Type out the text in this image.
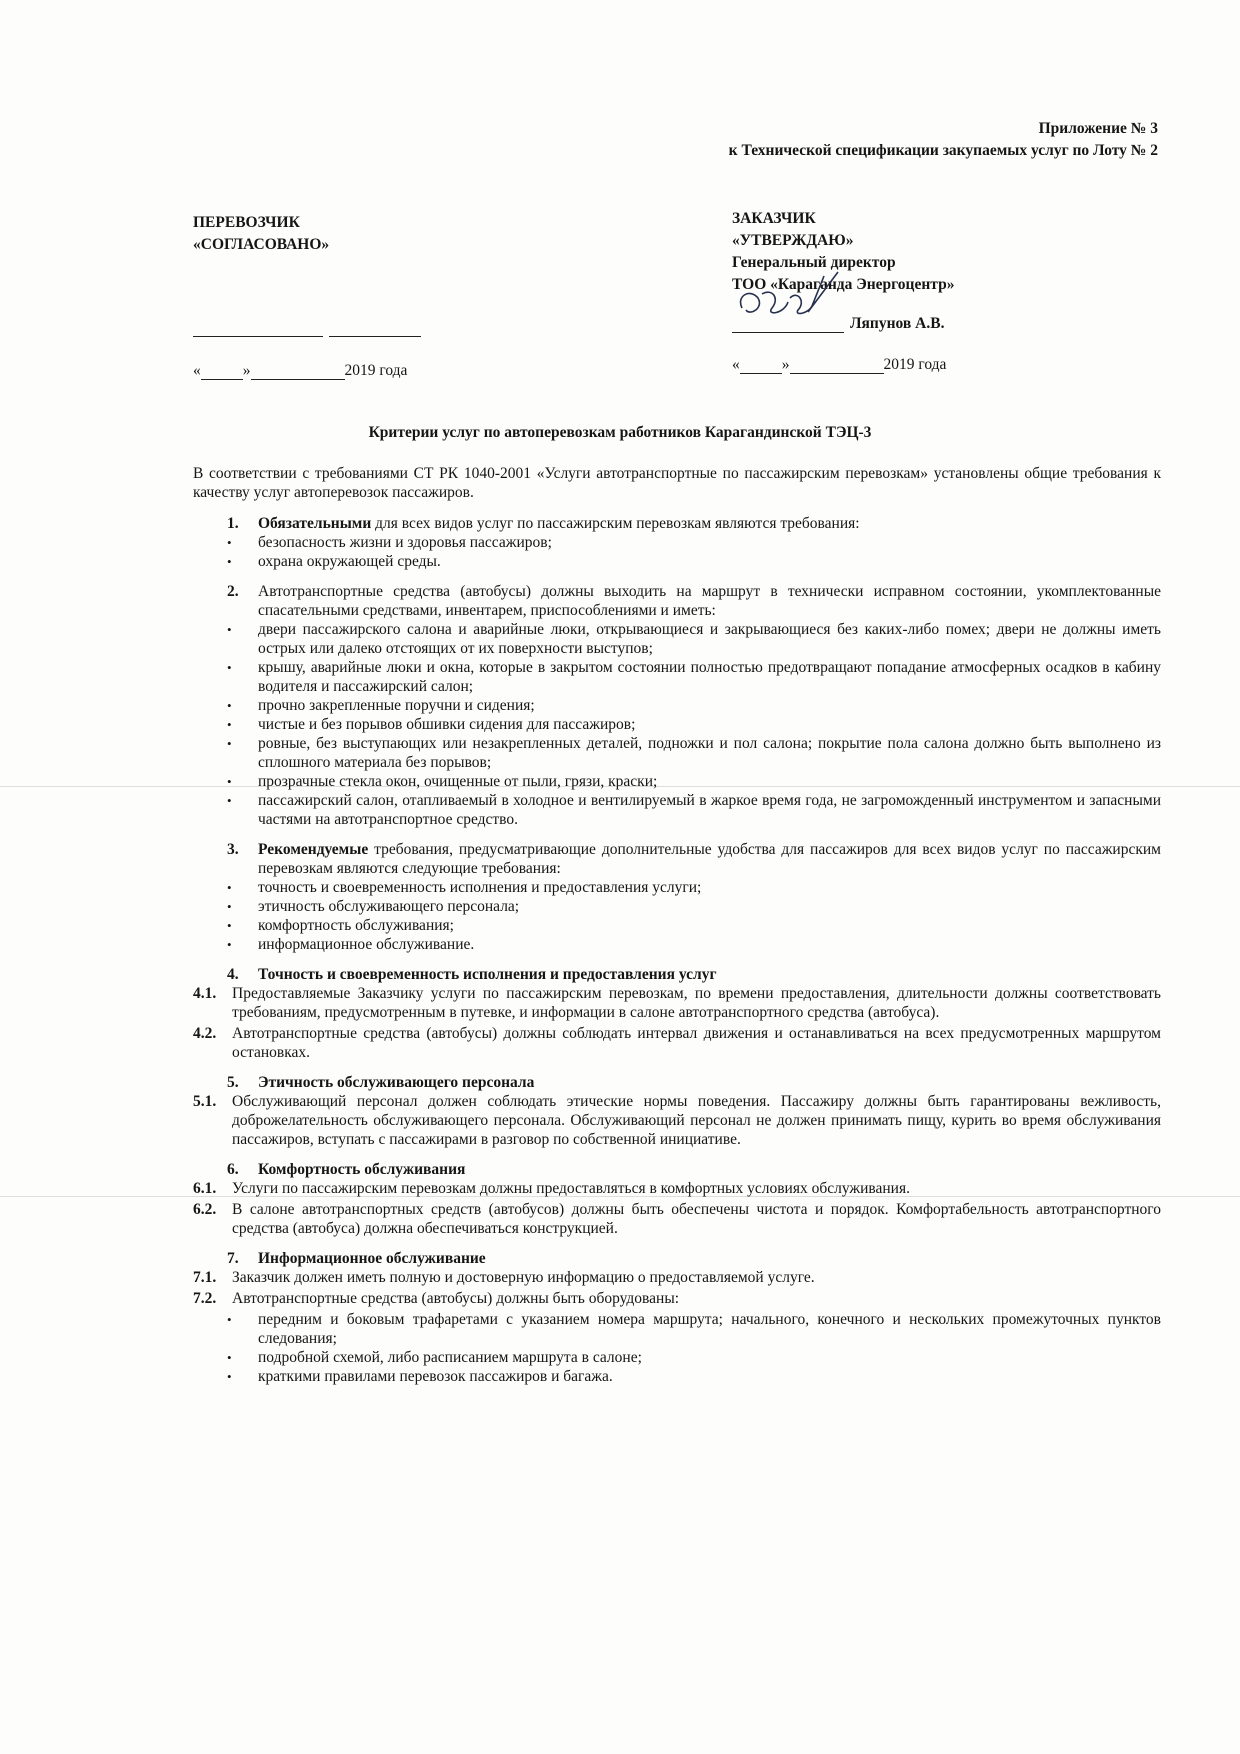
Приложение № 3
к Технической спецификации закупаемых услуг по Лоту № 2
ПЕРЕВОЗЧИК
«СОГЛАСОВАНО»
«	»	2019 года
ЗАКАЗЧИК
«УТВЕРЖДАЮ»
Генеральный директор
ТОО «Караганда Энергоцентр»
Ляпунов А.В.
«	»	2019 года
Критерии услуг по автоперевозкам работников Карагандинской ТЭЦ-3

В соответствии с требованиями СТ РК 1040-2001 «Услуги автотранспортные по пассажирским перевозкам» установлены общие требования к качеству услуг автоперевозок пассажиров.

1.	Обязательными для всех видов услуг по пассажирским перевозкам являются требования:
•
безопасность жизни и здоровья пассажиров;
•
охрана окружающей среды.
2.	Автотранспортные средства (автобусы) должны выходить на маршрут в технически исправном состоянии, укомплектованные спасательными средствами, инвентарем, приспособлениями и иметь:
•
двери пассажирского салона и аварийные люки, открывающиеся и закрывающиеся без каких-либо помех; двери не должны иметь острых или далеко отстоящих от их поверхности выступов;
•
крышу, аварийные люки и окна, которые в закрытом состоянии полностью предотвращают попадание атмосферных осадков в кабину водителя и пассажирский салон;
•
прочно закрепленные поручни и сидения;
•
чистые и без порывов обшивки сидения для пассажиров;
•
ровные, без выступающих или незакрепленных деталей, подножки и пол салона; покрытие пола салона должно быть выполнено из сплошного материала без порывов;
•
прозрачные стекла окон, очищенные от пыли, грязи, краски;
•
пассажирский салон, отапливаемый в холодное и вентилируемый в жаркое время года, не загроможденный инструментом и запасными частями на автотранспортное средство.
3.	Рекомендуемые требования, предусматривающие дополнительные удобства для пассажиров для всех видов услуг по пассажирским перевозкам являются следующие требования:
•
точность и своевременность исполнения и предоставления услуги;
•
этичность обслуживающего персонала;
•
комфортность обслуживания;
•
информационное обслуживание.
4.	Точность и своевременность исполнения и предоставления услуг
4.1.	Предоставляемые Заказчику услуги по пассажирским перевозкам, по времени предоставления, длительности должны соответствовать требованиям, предусмотренным в путевке, и информации в салоне автотранспортного средства (автобуса).
4.2.	Автотранспортные средства (автобусы) должны соблюдать интервал движения и останавливаться на всех предусмотренных маршрутом остановках.
5.	Этичность обслуживающего персонала
5.1.	Обслуживающий персонал должен соблюдать этические нормы поведения. Пассажиру должны быть гарантированы вежливость, доброжелательность обслуживающего персонала. Обслуживающий персонал не должен принимать пищу, курить во время обслуживания пассажиров, вступать с пассажирами в разговор по собственной инициативе.
6.	Комфортность обслуживания
6.1.	Услуги по пассажирским перевозкам должны предоставляться в комфортных условиях обслуживания.
6.2.	В салоне автотранспортных средств (автобусов) должны быть обеспечены чистота и порядок. Комфортабельность автотранспортного средства (автобуса) должна обеспечиваться конструкцией.
7.	Информационное обслуживание
7.1.	Заказчик должен иметь полную и достоверную информацию о предоставляемой услуге.
7.2.	Автотранспортные средства (автобусы) должны быть оборудованы:
•
передним и боковым трафаретами с указанием номера маршрута; начального, конечного и нескольких промежуточных пунктов следования;
•
подробной схемой, либо расписанием маршрута в салоне;
•
краткими правилами перевозок пассажиров и багажа.
